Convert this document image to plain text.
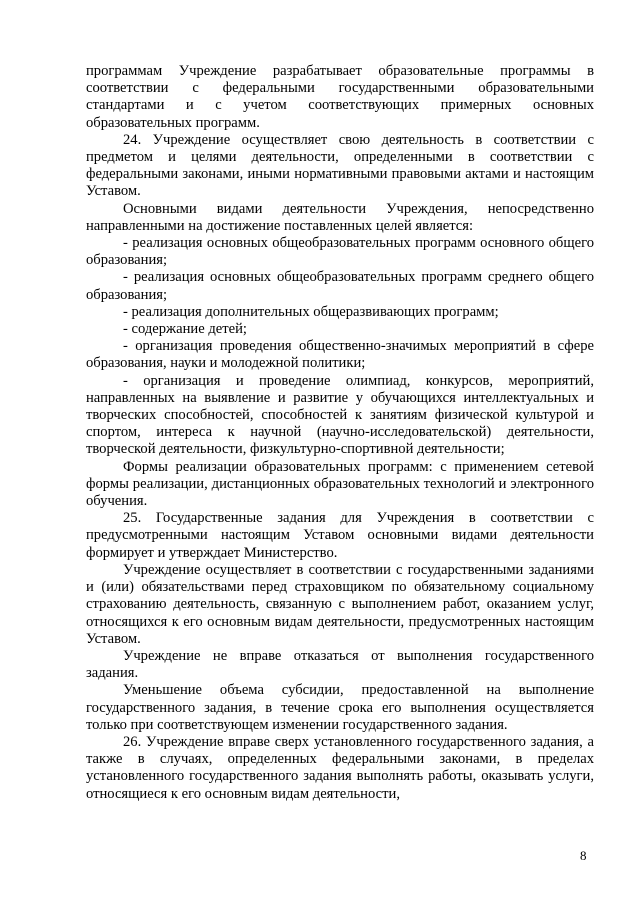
программам Учреждение разрабатывает образовательные программы в соответствии с федеральными государственными образовательными стандартами и с учетом соответствующих примерных основных образовательных программ.

24. Учреждение осуществляет свою деятельность в соответствии с предметом и целями деятельности, определенными в соответствии с федеральными законами, иными нормативными правовыми актами и настоящим Уставом.

Основными видами деятельности Учреждения, непосредственно направленными на достижение поставленных целей является:

- реализация основных общеобразовательных программ основного общего образования;

- реализация основных общеобразовательных программ среднего общего образования;

- реализация дополнительных общеразвивающих программ;

- содержание детей;

- организация проведения общественно-значимых мероприятий в сфере образования, науки и молодежной политики;

- организация и проведение олимпиад, конкурсов, мероприятий, направленных на выявление и развитие у обучающихся интеллектуальных и творческих способностей, способностей к занятиям физической культурой и спортом, интереса к научной (научно-исследовательской) деятельности, творческой деятельности, физкультурно-спортивной деятельности;

Формы реализации образовательных программ: с применением сетевой формы реализации, дистанционных образовательных технологий и электронного обучения.

25. Государственные задания для Учреждения в соответствии с предусмотренными настоящим Уставом основными видами деятельности формирует и утверждает Министерство.

Учреждение осуществляет в соответствии с государственными заданиями и (или) обязательствами перед страховщиком по обязательному социальному страхованию деятельность, связанную с выполнением работ, оказанием услуг, относящихся к его основным видам деятельности, предусмотренных настоящим Уставом.

Учреждение не вправе отказаться от выполнения государственного задания.

Уменьшение объема субсидии, предоставленной на выполнение государственного задания, в течение срока его выполнения осуществляется только при соответствующем изменении государственного задания.

26. Учреждение вправе сверх установленного государственного задания, а также в случаях, определенных федеральными законами, в пределах установленного государственного задания выполнять работы, оказывать услуги, относящиеся к его основным видам деятельности,

8
